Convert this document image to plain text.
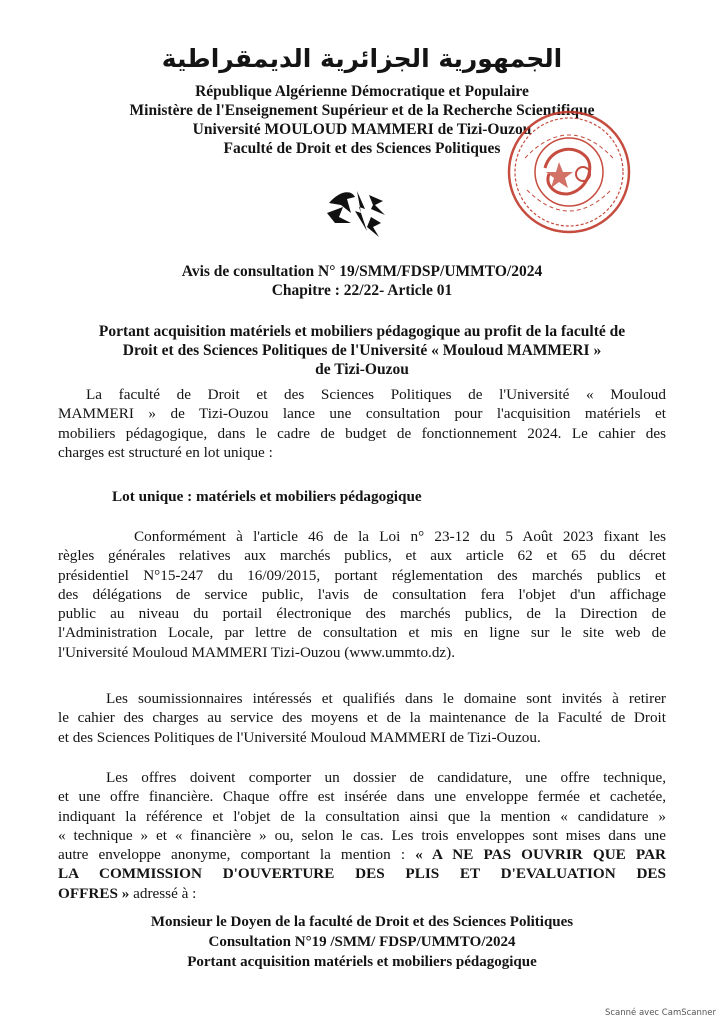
الجمهورية الجزائرية الديمقراطية
République Algérienne Démocratique et Populaire
Ministère de l'Enseignement Supérieur et de la Recherche Scientifique
Université MOULOUD MAMMERI de Tizi-Ouzou
Faculté de Droit et des Sciences Politiques
Avis de consultation N° 19/SMM/FDSP/UMMTO/2024
Chapitre : 22/22- Article 01
Portant acquisition matériels et mobiliers pédagogique au profit de la faculté de
Droit et des Sciences Politiques de l'Université « Mouloud MAMMERI »
de Tizi-Ouzou
La faculté de Droit et des Sciences Politiques de l'Université « Mouloud
MAMMERI » de Tizi-Ouzou lance une consultation pour l'acquisition matériels et
mobiliers pédagogique, dans le cadre de budget de fonctionnement 2024. Le cahier des
charges est structuré en lot unique :
Lot unique : matériels et mobiliers pédagogique
Conformément à l'article 46 de la Loi n° 23-12 du 5 Août 2023 fixant les
règles générales relatives aux marchés publics, et aux article 62 et 65 du décret
présidentiel N°15-247 du 16/09/2015, portant réglementation des marchés publics et
des délégations de service public, l'avis de consultation fera l'objet d'un affichage
public au niveau du portail électronique des marchés publics, de la Direction de
l'Administration Locale, par lettre de consultation et mis en ligne sur le site web de
l'Université Mouloud MAMMERI Tizi-Ouzou (www.ummto.dz).
Les soumissionnaires intéressés et qualifiés dans le domaine sont invités à retirer
le cahier des charges au service des moyens et de la maintenance de la Faculté de Droit
et des Sciences Politiques de l'Université Mouloud MAMMERI de Tizi-Ouzou.
Les offres doivent comporter un dossier de candidature, une offre technique,
et une offre financière. Chaque offre est insérée dans une enveloppe fermée et cachetée,
indiquant la référence et l'objet de la consultation ainsi que la mention « candidature »
« technique » et « financière » ou, selon le cas. Les trois enveloppes sont mises dans une
autre enveloppe anonyme, comportant la mention : « A NE PAS OUVRIR QUE PAR
LA COMMISSION D'OUVERTURE DES PLIS ET D'EVALUATION DES
OFFRES » adressé à :
Monsieur le Doyen de la faculté de Droit et des Sciences Politiques
Consultation N°19 /SMM/ FDSP/UMMTO/2024
Portant acquisition matériels et mobiliers pédagogique
Scanné avec CamScanner
